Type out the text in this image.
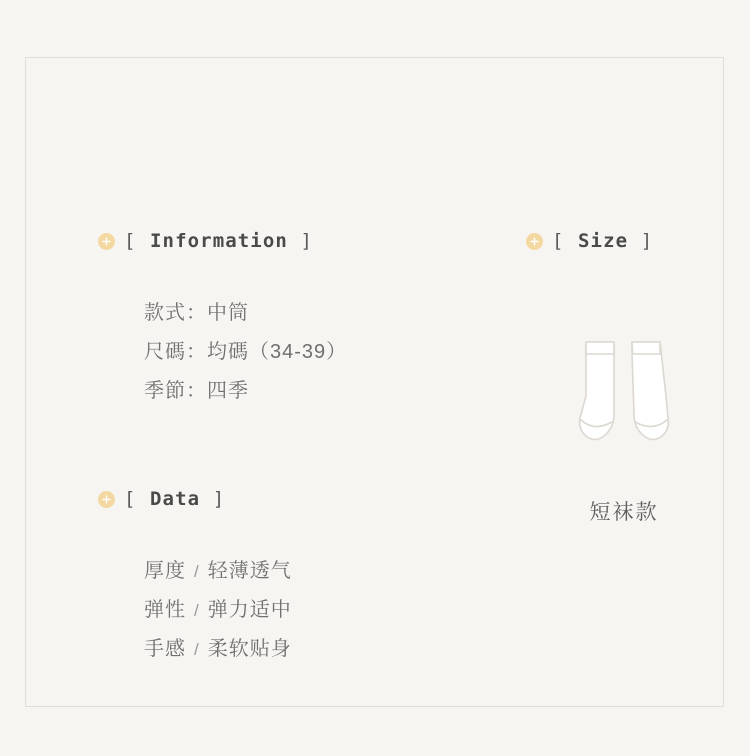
[ Information ]
款式：中筒
尺碼：均碼（34-39）
季節：四季
[ Size ]
短袜款
[ Data ]
厚度 / 轻薄透气
弹性 / 弹力适中
手感 / 柔软贴身
